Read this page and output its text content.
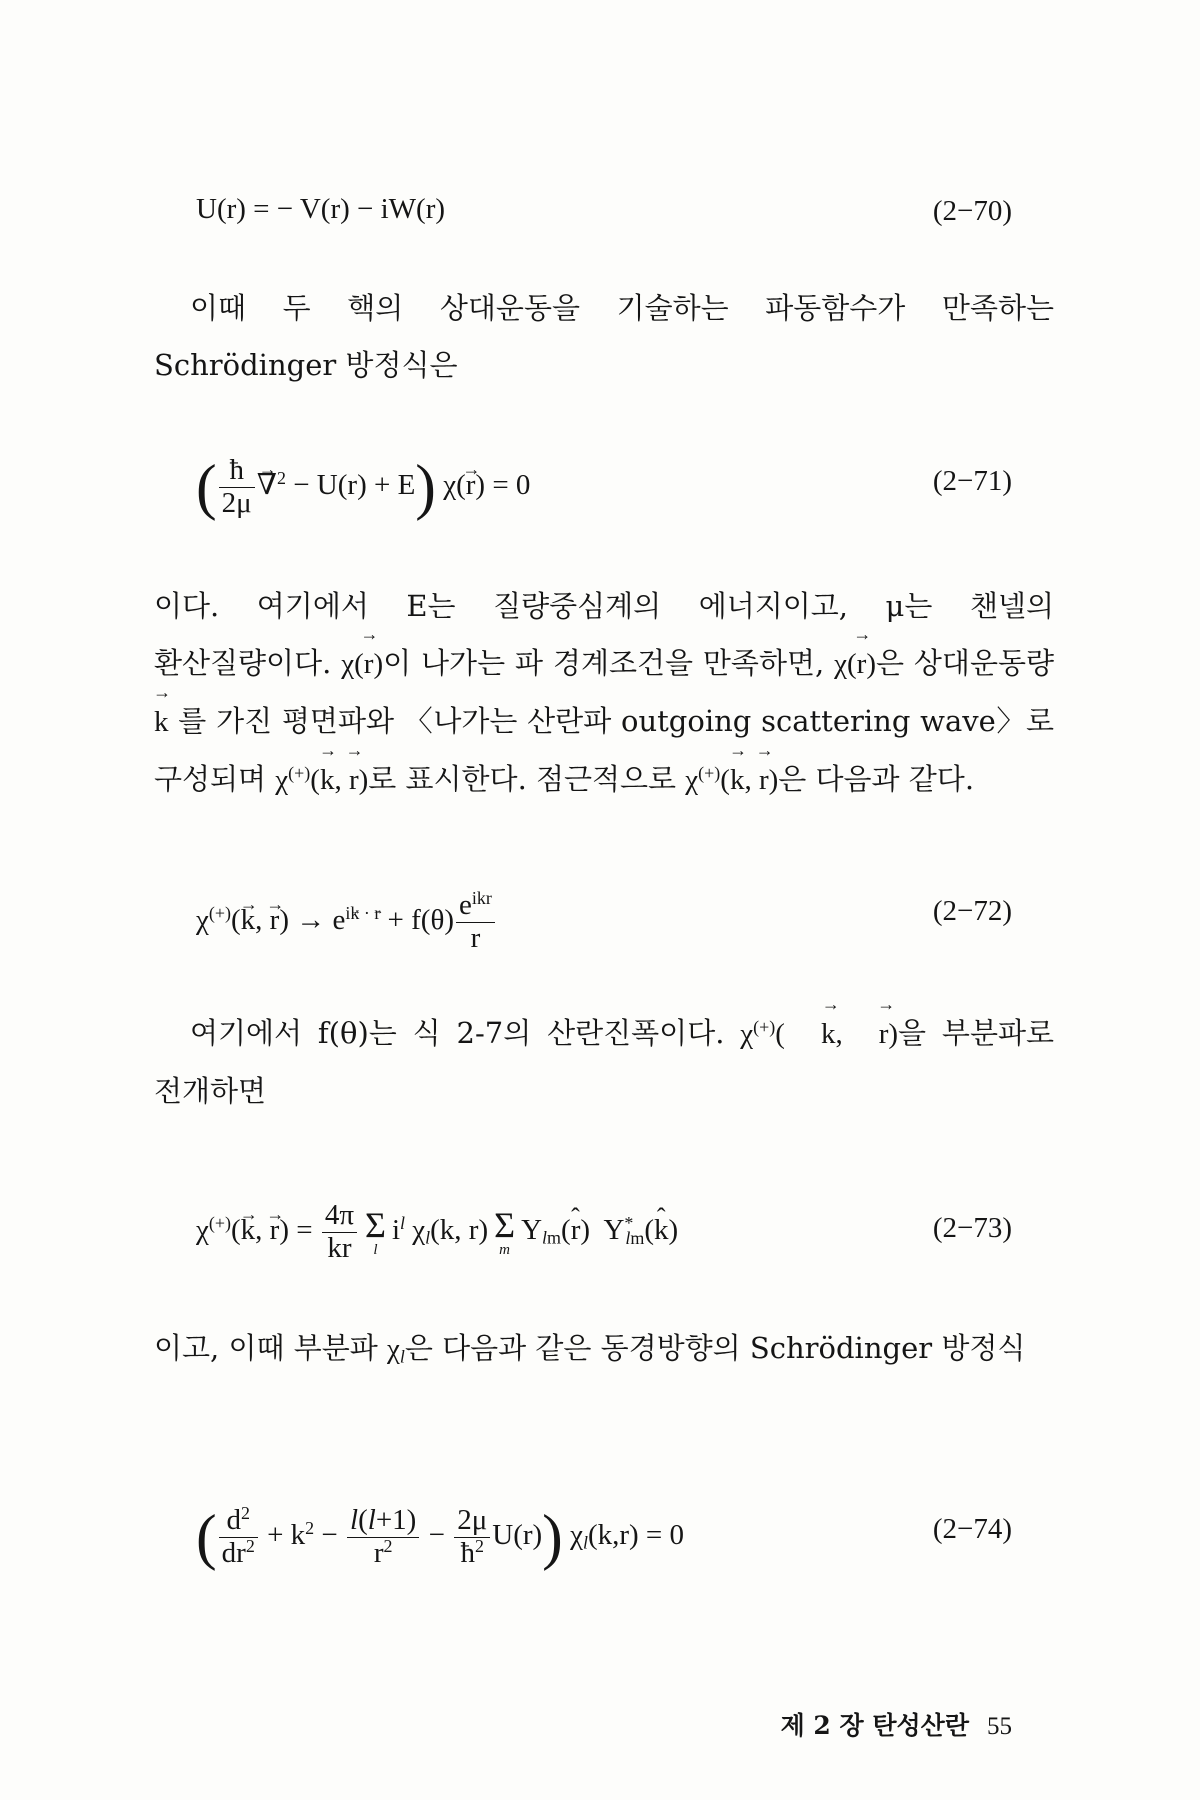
U(r) = − V(r) − iW(r)	(2−70)

이때 두 핵의 상대운동을 기술하는 파동함수가 만족하는 Schrödinger 방정식은

( $\frac{ħ}{2\mu}$ ∇ →$^2$ − U(r) + E) χ(r →) = 0	(2−71)

이다. 여기에서 E는 질량중심계의 에너지이고, μ는 챈넬의 환산질량이다. χ(r →)이 나가는 파 경계조건을 만족하면, χ(r →)은 상대운동량 k → 를 가진 평면파와 〈나가는 산란파 outgoing scattering wave〉로 구성되며 χ(+)(k →, r →)로 표시한다. 점근적으로 χ(+)(k →, r →)은 다음과 같다.

χ(+)(k →, r →) → $e^{ik \cdot r} + f(\theta) \frac{e^{ikr}}{r}$	(2−72)

여기에서 f(θ)는 식 2-7의 산란진폭이다. χ(+)( k →, r →)을 부분파로 전개하면

χ(+)(k →, r →) = $\frac{4\pi}{kr}$ Σ
l
$i^l$ $\chi_l(k$, r) Σ
m
$Y_{lm}(r$ ˆ)  $Y^*_{lm}(k$ ˆ)	(2−73)

이고, 이때 부분파 $\chi_l$은 다음과 같은 동경방향의 Schrödinger 방정식

( $\frac{d^2}{dr^2} + k^2 - \frac{l(l+1)}{r^2} - \frac{2\mu}{ħ^2} U(r)$) $\chi_l(k,r) = 0$	(2−74)
제 2 장 탄성산란 55
